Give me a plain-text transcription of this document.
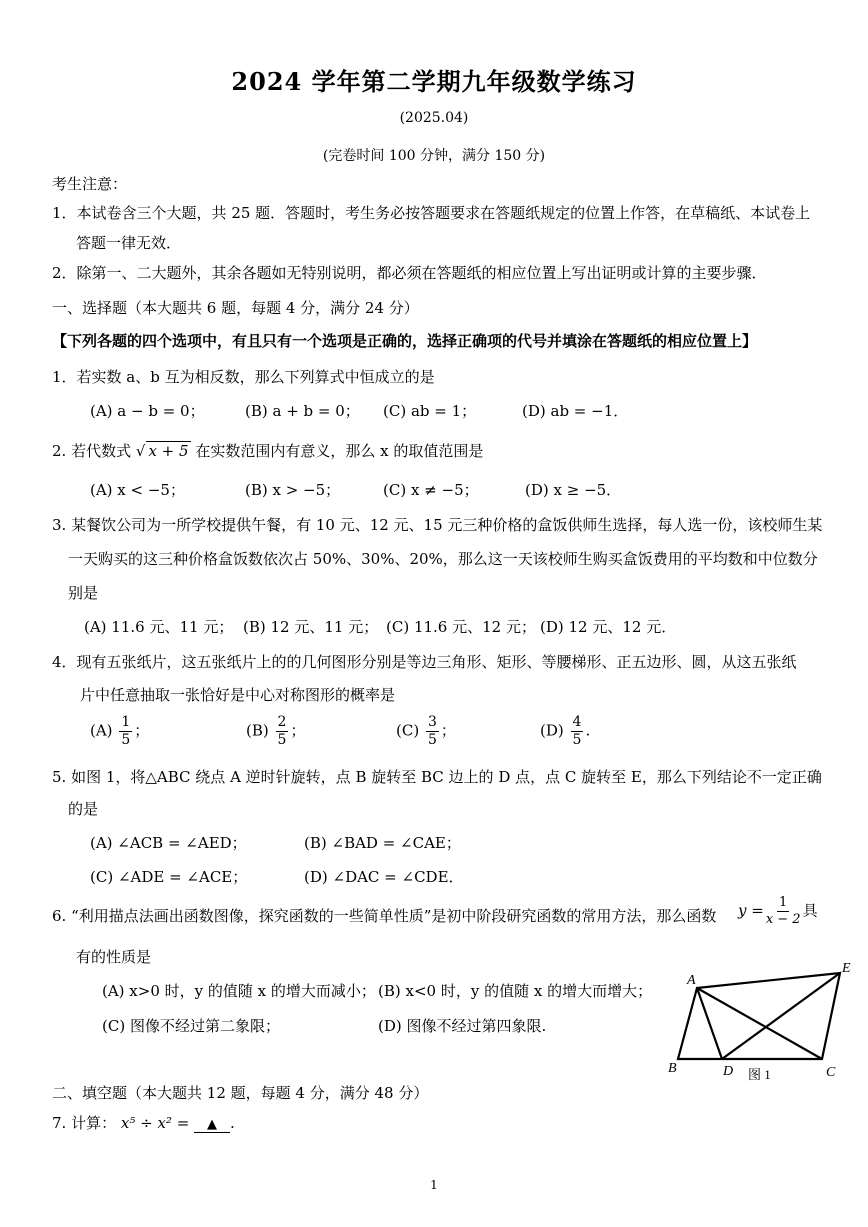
2024 学年第二学期九年级数学练习
(2025.04)
(完卷时间 100 分钟，满分 150 分)
考生注意：
1．本试卷含三个大题，共 25 题．答题时，考生务必按答题要求在答题纸规定的位置上作答，在草稿纸、本试卷上
答题一律无效．
2．除第一、二大题外，其余各题如无特别说明，都必须在答题纸的相应位置上写出证明或计算的主要步骤．
一、选择题（本大题共 6 题，每题 4 分，满分 24 分）
【下列各题的四个选项中，有且只有一个选项是正确的，选择正确项的代号并填涂在答题纸的相应位置上】
1．若实数 a、b 互为相反数，那么下列算式中恒成立的是
(A) a − b = 0；	(B) a + b = 0； (C) ab = 1；	(D) ab = −1．
2. 若代数式 √ x + 5 在实数范围内有意义，那么 x 的取值范围是
(A) x < −5；	(B) x > −5；	(C) x ≠ −5；	(D) x ≥ −5．
3. 某餐饮公司为一所学校提供午餐，有 10 元、12 元、15 元三种价格的盒饭供师生选择，每人选一份，该校师生某
一天购买的这三种价格盒饭数依次占 50%、30%、20%，那么这一天该校师生购买盒饭费用的平均数和中位数分
别是
(A) 11.6 元、11 元； (B) 12 元、11 元； (C) 11.6 元、12 元； (D) 12 元、12 元．
4．现有五张纸片，这五张纸片上的的几何图形分别是等边三角形、矩形、等腰梯形、正五边形、圆，从这五张纸
片中任意抽取一张恰好是中心对称图形的概率是
$(A) \frac{1}{5}$ ；	$(B) \frac{2}{5}$ ；	$(C) \frac{3}{5}$ ；	$(D) \frac{4}{5}$ .
5. 如图 1，将△ABC 绕点 A 逆时针旋转，点 B 旋转至 BC 边上的 D 点，点 C 旋转至 E，那么下列结论不一定正确
的是
(A) ∠ACB = ∠AED；	(B) ∠BAD = ∠CAE；
(C) ∠ADE = ∠ACE；	(D) ∠DAC = ∠CDE．
6. “利用描点法画出函数图像，探究函数的一些简单性质”是初中阶段研究函数的常用方法，那么函数 $y = \frac{1}{x - 2}$ 具
有的性质是
(A) x>0 时，y 的值随 x 的增大而减小； (B) x<0 时，y 的值随 x 的增大而增大；
(C) 图像不经过第二象限；	(D) 图像不经过第四象限.
A
E
B	D	C
图 1
二、填空题（本大题共 12 题，每题 4 分，满分 48 分）
7. 计算： x⁵ ÷ x² = ▲ .
1
